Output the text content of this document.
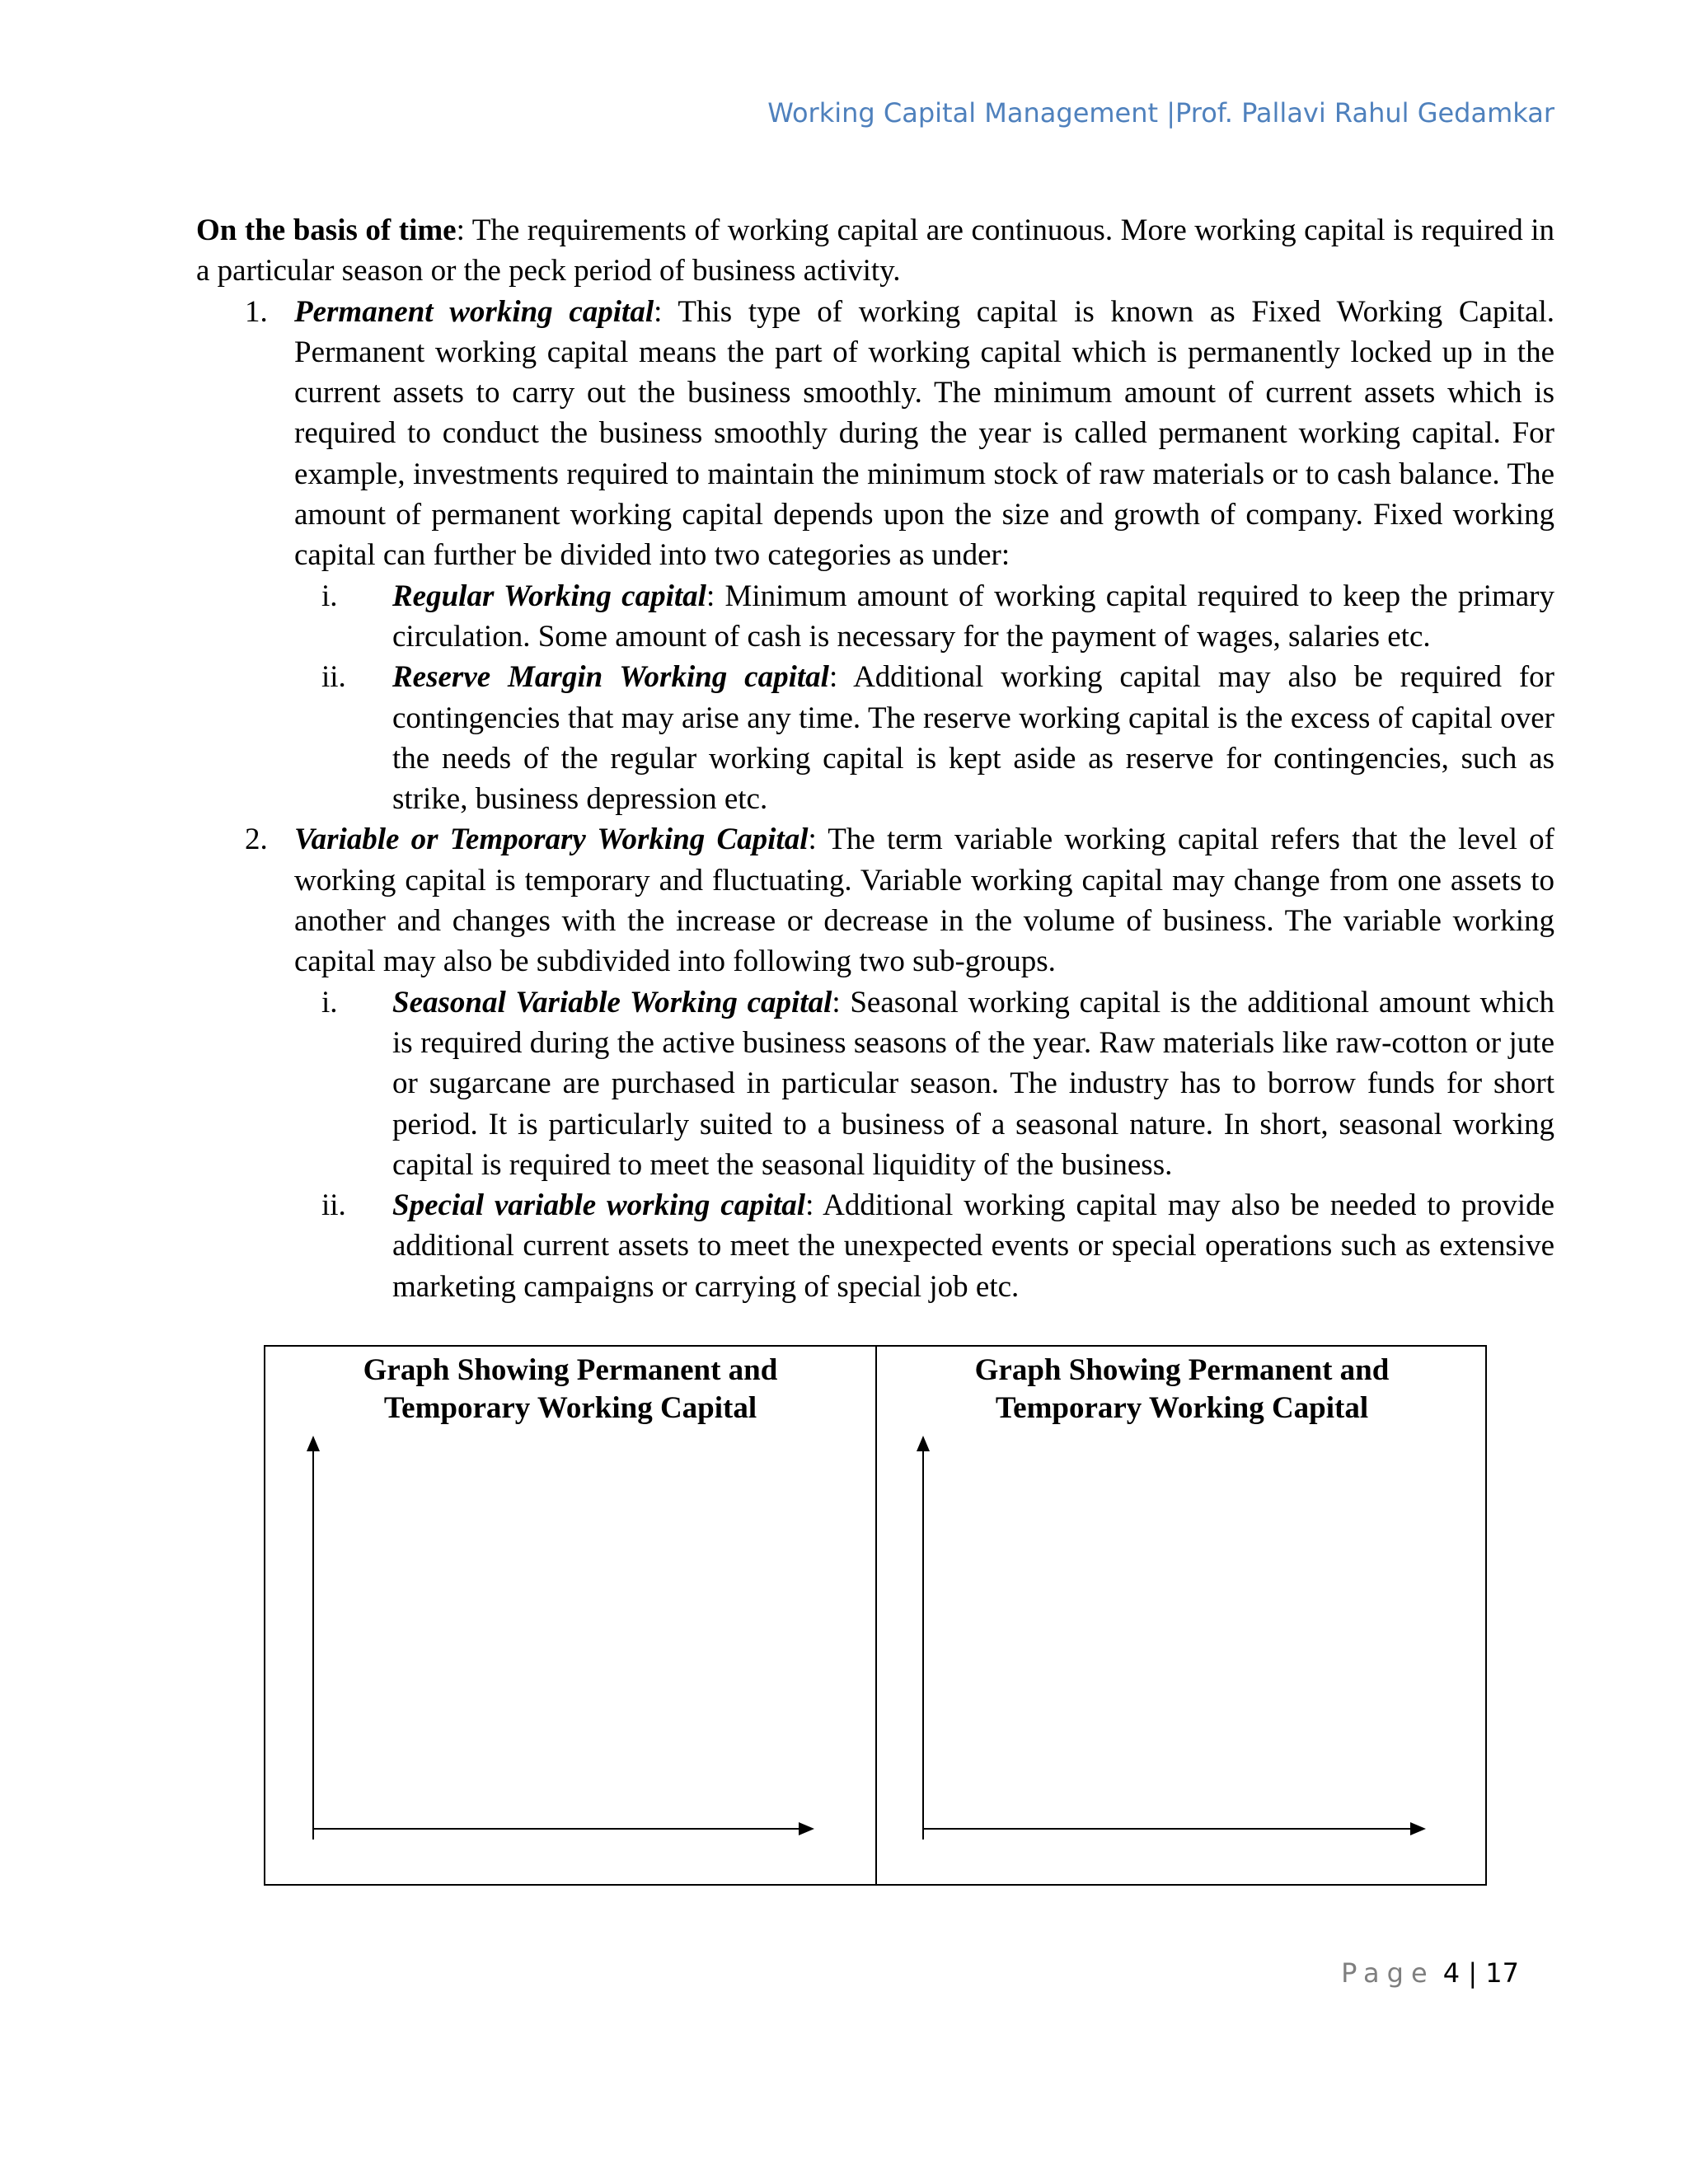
Working Capital Management |Prof. Pallavi Rahul Gedamkar

On the basis of time: The requirements of working capital are continuous. More working capital is required in a particular season or the peck period of business activity.

1. Permanent working capital: This type of working capital is known as Fixed Working Capital. Permanent working capital means the part of working capital which is permanently locked up in the current assets to carry out the business smoothly. The minimum amount of current assets which is required to conduct the business smoothly during the year is called permanent working capital. For example, investments required to maintain the minimum stock of raw materials or to cash balance. The amount of permanent working capital depends upon the size and growth of company. Fixed working capital can further be divided into two categories as under:

i. Regular Working capital: Minimum amount of working capital required to keep the primary circulation. Some amount of cash is necessary for the payment of wages, salaries etc.

ii. Reserve Margin Working capital: Additional working capital may also be required for contingencies that may arise any time. The reserve working capital is the excess of capital over the needs of the regular working capital is kept aside as reserve for contingencies, such as strike, business depression etc.

2. Variable or Temporary Working Capital: The term variable working capital refers that the level of working capital is temporary and fluctuating. Variable working capital may change from one assets to another and changes with the increase or decrease in the volume of business. The variable working capital may also be subdivided into following two sub-groups.

i. Seasonal Variable Working capital: Seasonal working capital is the additional amount which is required during the active business seasons of the year. Raw materials like raw-cotton or jute or sugarcane are purchased in particular season. The industry has to borrow funds for short period. It is particularly suited to a business of a seasonal nature. In short, seasonal working capital is required to meet the seasonal liquidity of the business.

ii. Special variable working capital: Additional working capital may also be needed to provide additional current assets to meet the unexpected events or special operations such as extensive marketing campaigns or carrying of special job etc.

Graph Showing Permanent and
Temporary Working Capital
Graph Showing Permanent and
Temporary Working Capital
Page 4 | 17
